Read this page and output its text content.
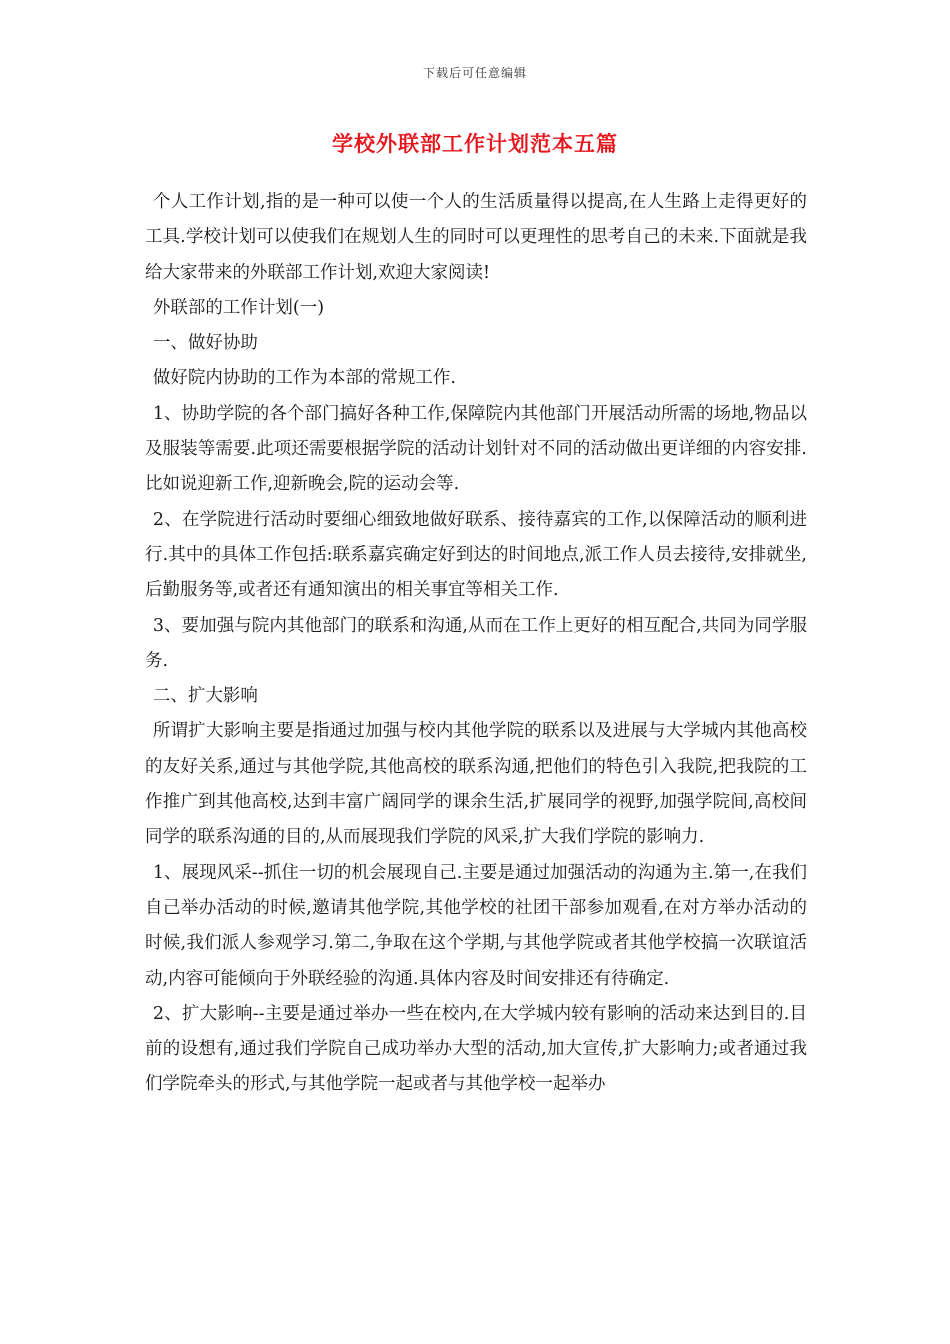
下载后可任意编辑
学校外联部工作计划范本五篇

个人工作计划,指的是一种可以使一个人的生活质量得以提高,在人生路上走得更好的工具.学校计划可以使我们在规划人生的同时可以更理性的思考自己的未来.下面就是我给大家带来的外联部工作计划,欢迎大家阅读!

外联部的工作计划(一)

一、做好协助

做好院内协助的工作为本部的常规工作.

1、协助学院的各个部门搞好各种工作,保障院内其他部门开展活动所需的场地,物品以及服装等需要.此项还需要根据学院的活动计划针对不同的活动做出更详细的内容安排.比如说迎新工作,迎新晚会,院的运动会等.

2、在学院进行活动时要细心细致地做好联系、接待嘉宾的工作,以保障活动的顺利进行.其中的具体工作包括:联系嘉宾确定好到达的时间地点,派工作人员去接待,安排就坐,后勤服务等,或者还有通知演出的相关事宜等相关工作.

3、要加强与院内其他部门的联系和沟通,从而在工作上更好的相互配合,共同为同学服务.

二、扩大影响

所谓扩大影响主要是指通过加强与校内其他学院的联系以及进展与大学城内其他高校的友好关系,通过与其他学院,其他高校的联系沟通,把他们的特色引入我院,把我院的工作推广到其他高校,达到丰富广阔同学的课余生活,扩展同学的视野,加强学院间,高校间同学的联系沟通的目的,从而展现我们学院的风采,扩大我们学院的影响力.

1、展现风采--抓住一切的机会展现自己.主要是通过加强活动的沟通为主.第一,在我们自己举办活动的时候,邀请其他学院,其他学校的社团干部参加观看,在对方举办活动的时候,我们派人参观学习.第二,争取在这个学期,与其他学院或者其他学校搞一次联谊活动,内容可能倾向于外联经验的沟通.具体内容及时间安排还有待确定.

2、扩大影响--主要是通过举办一些在校内,在大学城内较有影响的活动来达到目的.目前的设想有,通过我们学院自己成功举办大型的活动,加大宣传,扩大影响力;或者通过我们学院牵头的形式,与其他学院一起或者与其他学校一起举办
